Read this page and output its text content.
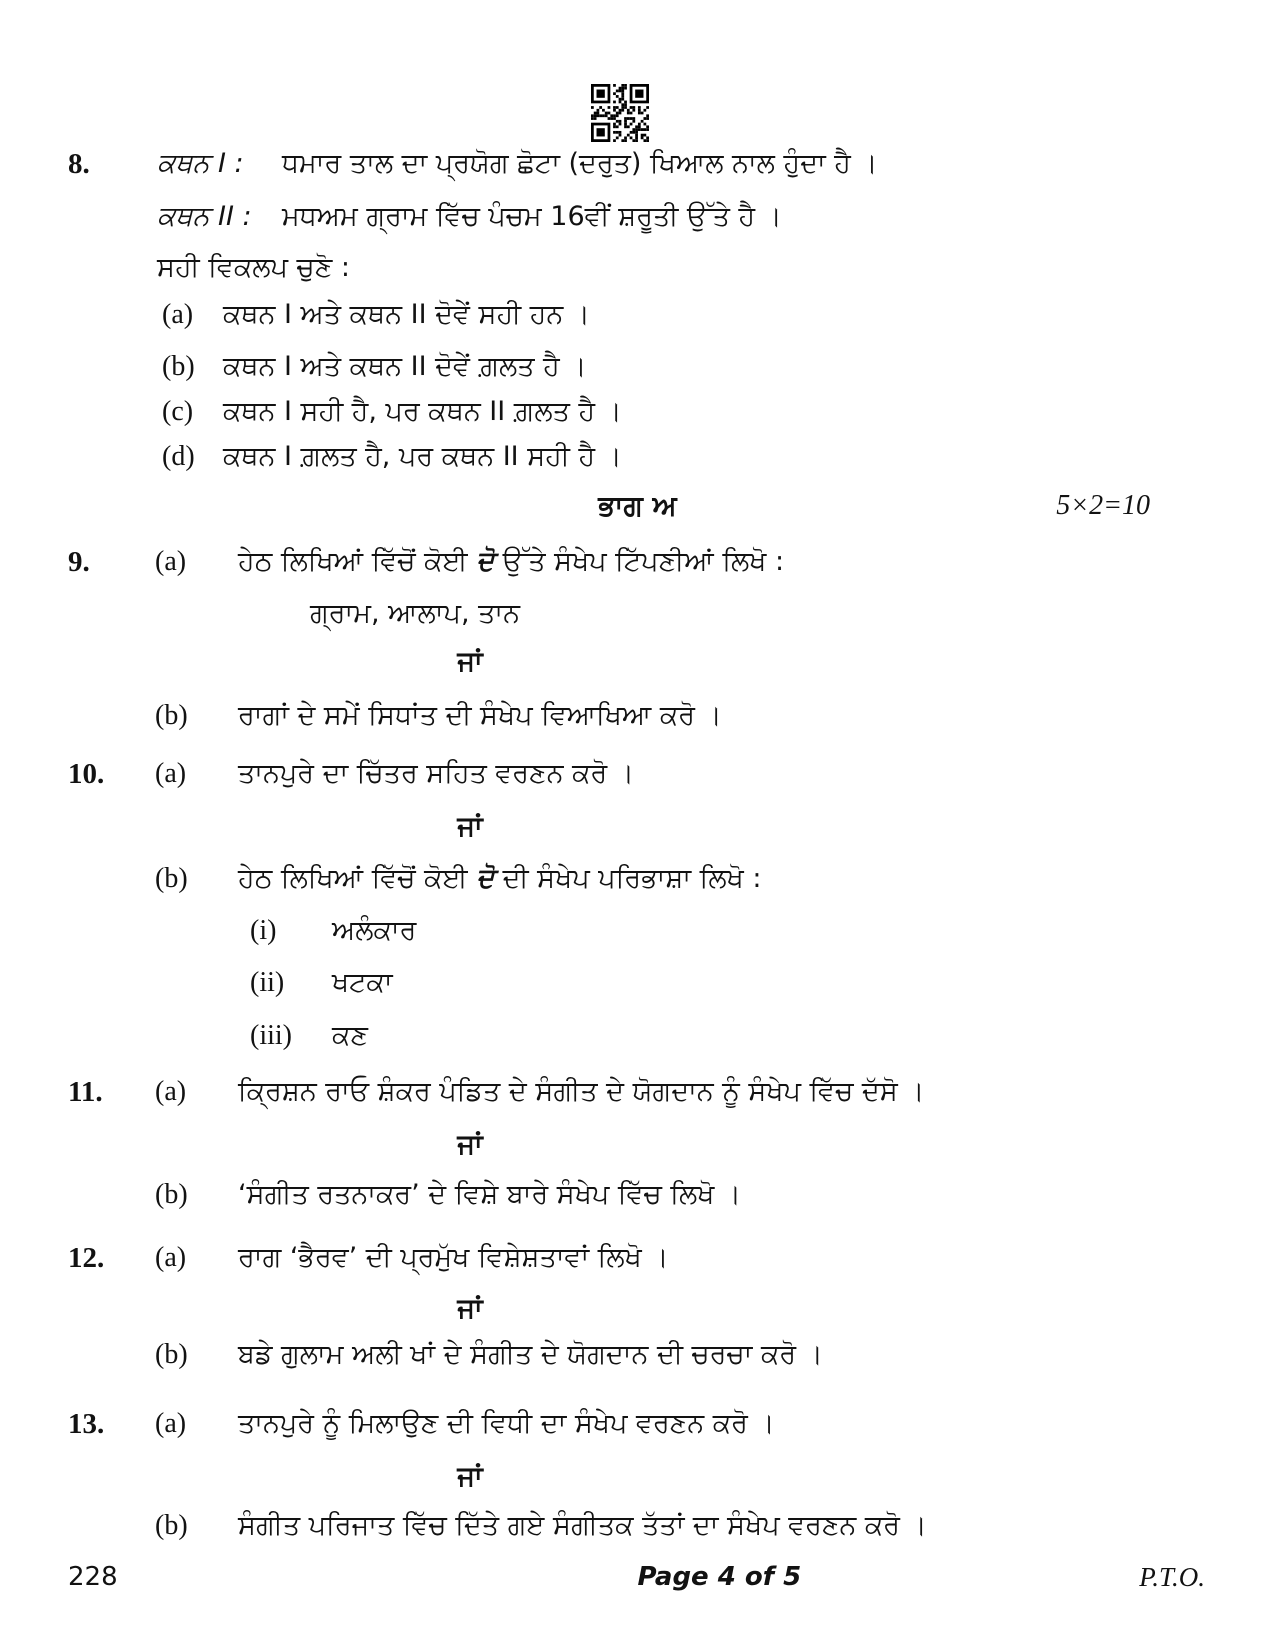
8. ਕਥਨ I : ਧਮਾਰ ਤਾਲ ਦਾ ਪ੍ਰਯੋਗ ਛੋਟਾ (ਦਰੁਤ) ਖਿਆਲ ਨਾਲ ਹੁੰਦਾ ਹੈ ।
ਕਥਨ II : ਮਧਅਮ ਗ੍ਰਾਮ ਵਿੱਚ ਪੰਚਮ 16ਵੀਂ ਸ਼ਰੂਤੀ ਉੱਤੇ ਹੈ ।
ਸਹੀ ਵਿਕਲਪ ਚੁਣੋ :
(a) ਕਥਨ I ਅਤੇ ਕਥਨ II ਦੋਵੇਂ ਸਹੀ ਹਨ ।
(b) ਕਥਨ I ਅਤੇ ਕਥਨ II ਦੋਵੇਂ ਗ਼ਲਤ ਹੈ ।
(c) ਕਥਨ I ਸਹੀ ਹੈ, ਪਰ ਕਥਨ II ਗ਼ਲਤ ਹੈ ।
(d) ਕਥਨ I ਗ਼ਲਤ ਹੈ, ਪਰ ਕਥਨ II ਸਹੀ ਹੈ ।
ਭਾਗ ਅ	5×2=10
9. (a) ਹੇਠ ਲਿਖਿਆਂ ਵਿੱਚੋਂ ਕੋਈ ਦੋ ਉੱਤੇ ਸੰਖੇਪ ਟਿੱਪਣੀਆਂ ਲਿਖੋ :
ਗ੍ਰਾਮ, ਆਲਾਪ, ਤਾਨ
ਜਾਂ
(b) ਰਾਗਾਂ ਦੇ ਸਮੇਂ ਸਿਧਾਂਤ ਦੀ ਸੰਖੇਪ ਵਿਆਖਿਆ ਕਰੋ ।
10. (a) ਤਾਨਪੁਰੇ ਦਾ ਚਿੱਤਰ ਸਹਿਤ ਵਰਣਨ ਕਰੋ ।
ਜਾਂ
(b) ਹੇਠ ਲਿਖਿਆਂ ਵਿੱਚੋਂ ਕੋਈ ਦੋ ਦੀ ਸੰਖੇਪ ਪਰਿਭਾਸ਼ਾ ਲਿਖੋ :
(i) ਅਲੰਕਾਰ
(ii) ਖਟਕਾ
(iii) ਕਣ
11. (a) ਕ੍ਰਿਸ਼ਨ ਰਾਓ ਸ਼ੰਕਰ ਪੰਡਿਤ ਦੇ ਸੰਗੀਤ ਦੇ ਯੋਗਦਾਨ ਨੂੰ ਸੰਖੇਪ ਵਿੱਚ ਦੱਸੋ ।
ਜਾਂ
(b) ‘ਸੰਗੀਤ ਰਤਨਾਕਰ’ ਦੇ ਵਿਸ਼ੇ ਬਾਰੇ ਸੰਖੇਪ ਵਿੱਚ ਲਿਖੋ ।
12. (a) ਰਾਗ ‘ਭੈਰਵ’ ਦੀ ਪ੍ਰਮੁੱਖ ਵਿਸ਼ੇਸ਼ਤਾਵਾਂ ਲਿਖੋ ।
ਜਾਂ
(b) ਬਡੇ ਗੁਲਾਮ ਅਲੀ ਖਾਂ ਦੇ ਸੰਗੀਤ ਦੇ ਯੋਗਦਾਨ ਦੀ ਚਰਚਾ ਕਰੋ ।
13. (a) ਤਾਨਪੁਰੇ ਨੂੰ ਮਿਲਾਉਣ ਦੀ ਵਿਧੀ ਦਾ ਸੰਖੇਪ ਵਰਣਨ ਕਰੋ ।
ਜਾਂ
(b) ਸੰਗੀਤ ਪਰਿਜਾਤ ਵਿੱਚ ਦਿੱਤੇ ਗਏ ਸੰਗੀਤਕ ਤੱਤਾਂ ਦਾ ਸੰਖੇਪ ਵਰਣਨ ਕਰੋ ।
228	Page 4 of 5	P.T.O.
